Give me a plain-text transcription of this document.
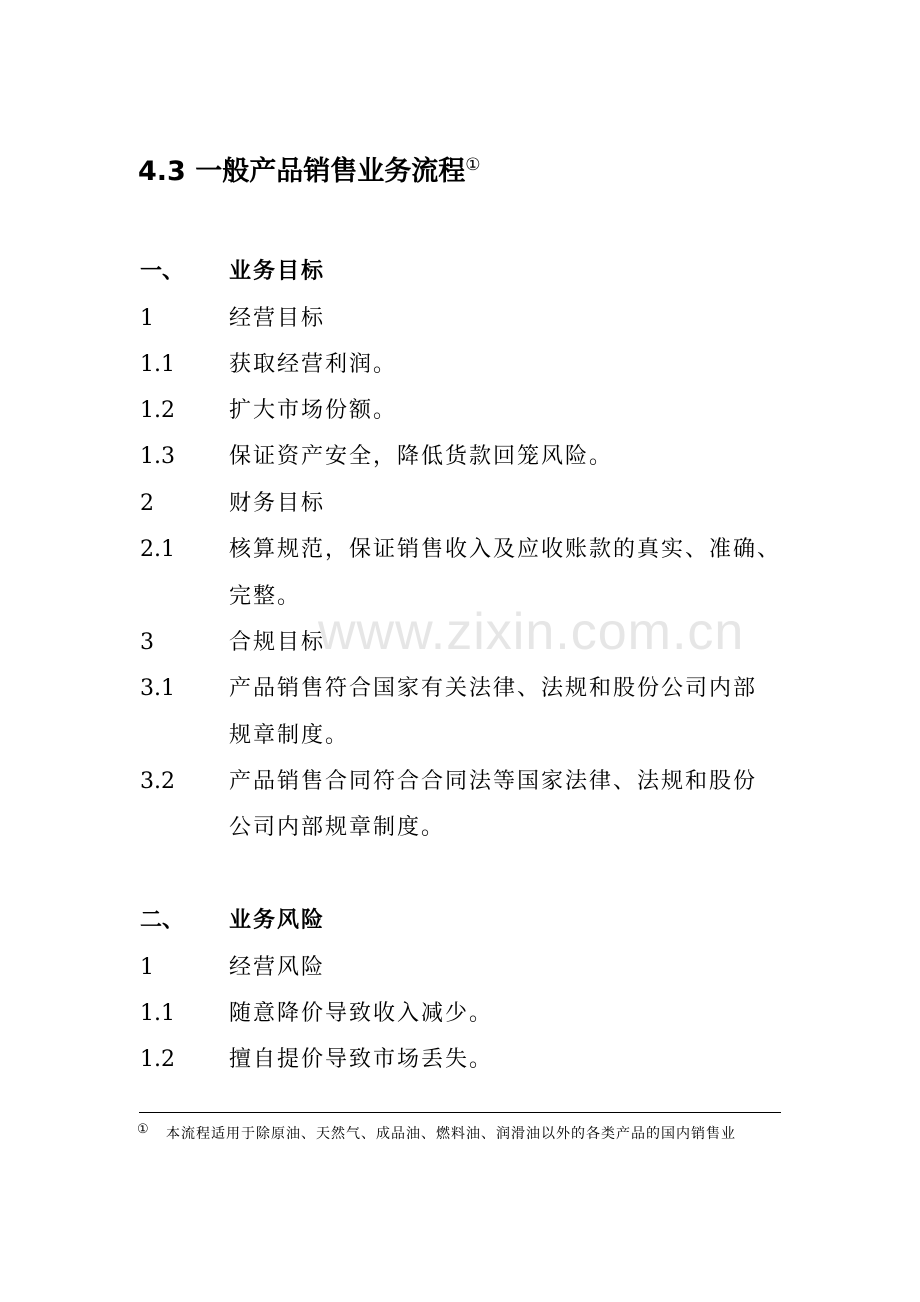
4.3 一般产品销售业务流程①
一、 业务目标
1	经营目标
1.1 获取经营利润。
1.2 扩大市场份额。
1.3 保证资产安全，降低货款回笼风险。
2	财务目标
2.1 核算规范，保证销售收入及应收账款的真实、准确、
完整。
www.zixin.com.cn
3	合规目标
3.1 产品销售符合国家有关法律、法规和股份公司内部
规章制度。
3.2 产品销售合同符合合同法等国家法律、法规和股份
公司内部规章制度。
二、 业务风险
1	经营风险
1.1 随意降价导致收入减少。
1.2 擅自提价导致市场丢失。
① 本流程适用于除原油、天然气、成品油、燃料油、润滑油以外的各类产品的国内销售业
